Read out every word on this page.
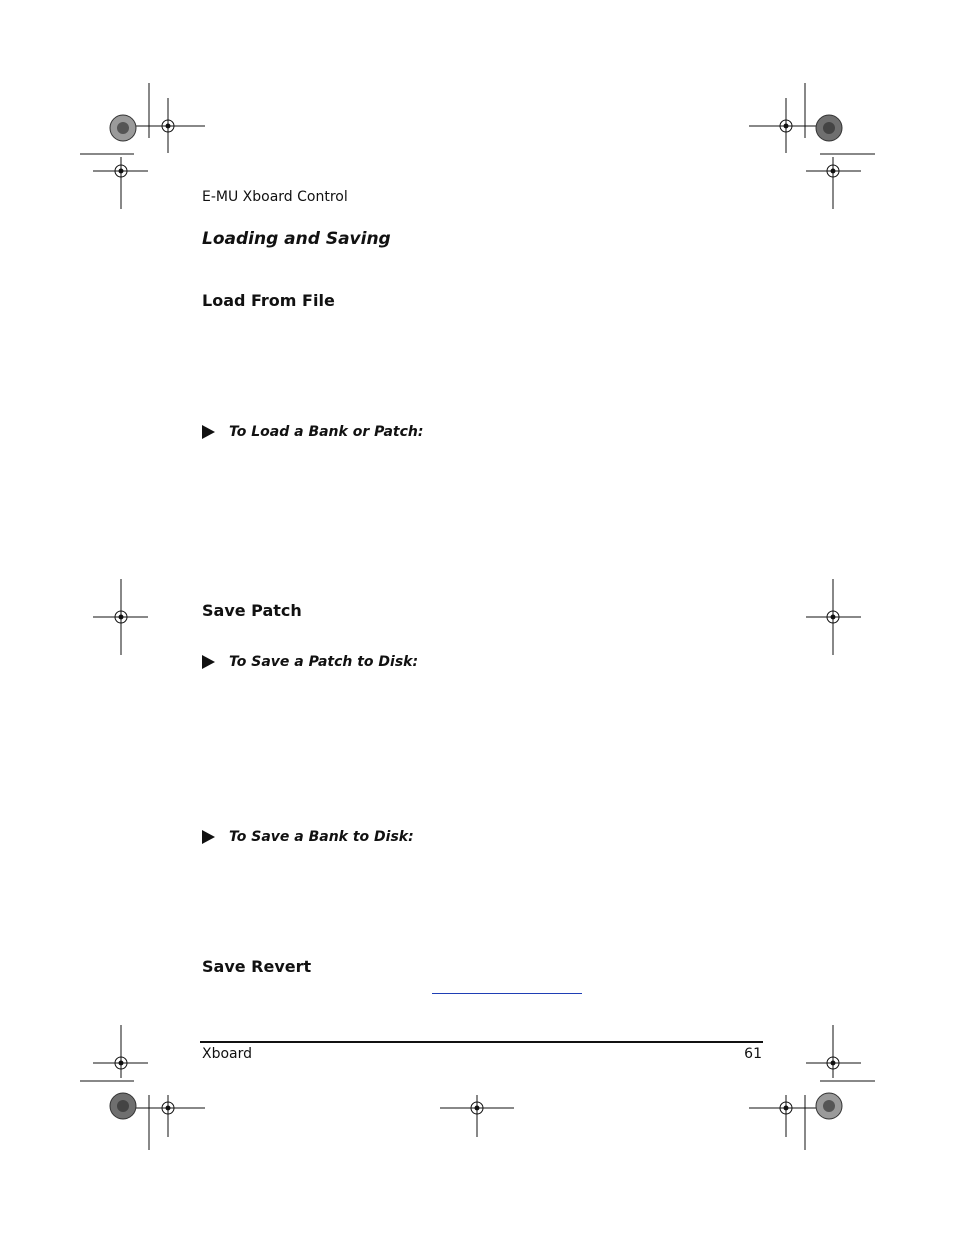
E-MU Xboard Control
Loading and Saving
Load From File
To Load a Bank or Patch:
Save Patch
To Save a Patch to Disk:
To Save a Bank to Disk:
Save Revert
Xboard	61
